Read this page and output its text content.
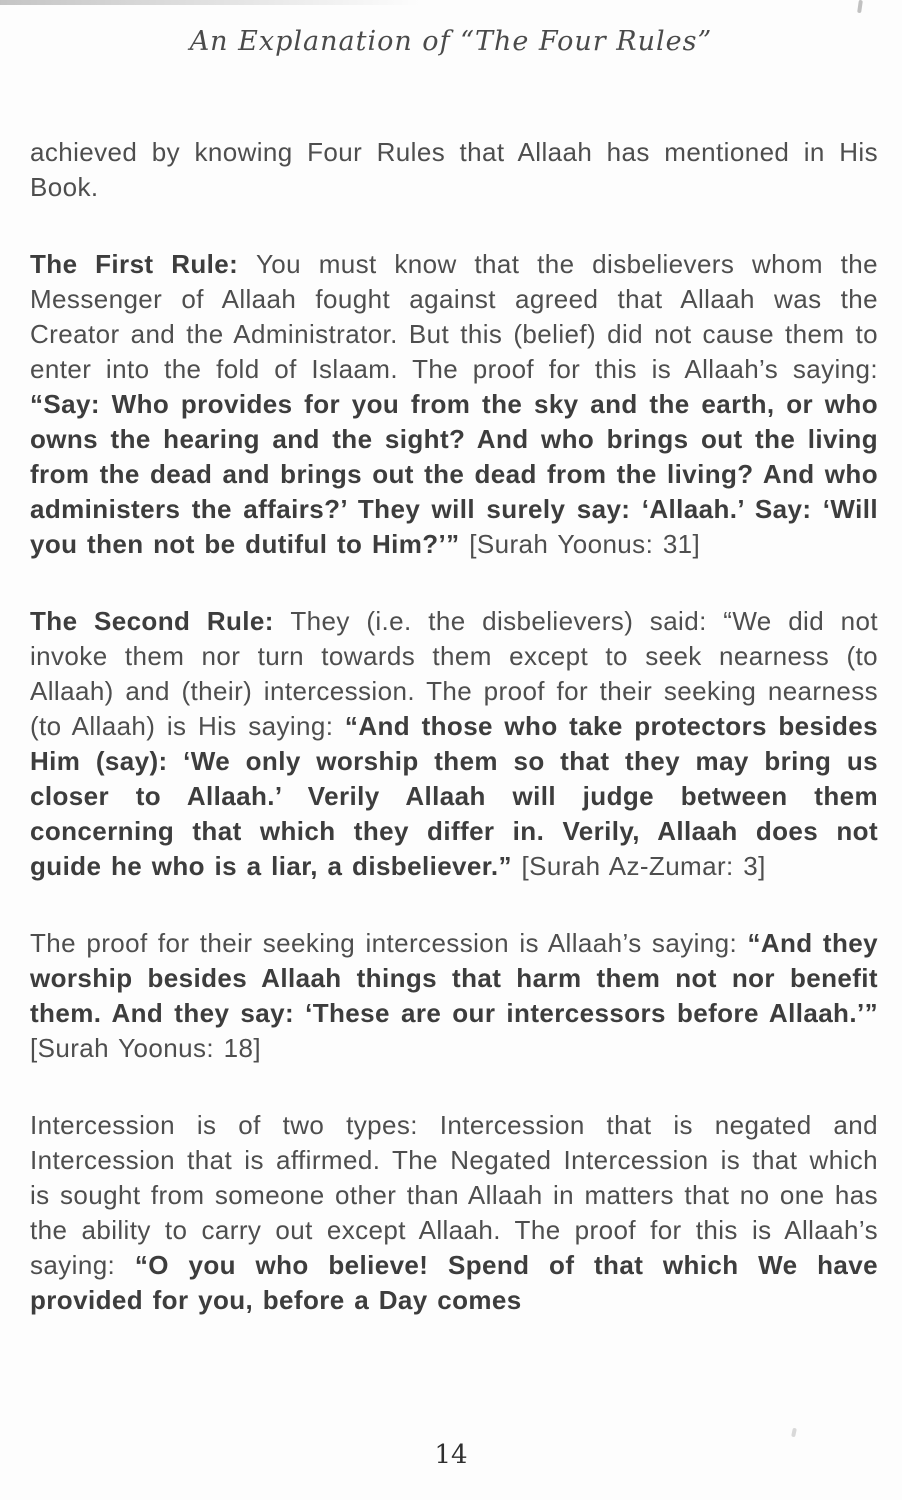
An Explanation of “The Four Rules”

achieved by knowing Four Rules that Allaah has mentioned in His Book.

The First Rule: You must know that the disbelievers whom the Messenger of Allaah fought against agreed that Allaah was the Creator and the Administrator. But this (belief) did not cause them to enter into the fold of Islaam. The proof for this is Allaah’s saying: “Say: Who provides for you from the sky and the earth, or who owns the hearing and the sight? And who brings out the living from the dead and brings out the dead from the living? And who administers the affairs?’ They will surely say: ‘Allaah.’ Say: ‘Will you then not be dutiful to Him?’” [Surah Yoonus: 31]

The Second Rule: They (i.e. the disbelievers) said: “We did not invoke them nor turn towards them except to seek nearness (to Allaah) and (their) intercession. The proof for their seeking nearness (to Allaah) is His saying: “And those who take protectors besides Him (say): ‘We only worship them so that they may bring us closer to Allaah.’ Verily Allaah will judge between them concerning that which they differ in. Verily, Allaah does not guide he who is a liar, a disbeliever.” [Surah Az-Zumar: 3]

The proof for their seeking intercession is Allaah’s saying: “And they worship besides Allaah things that harm them not nor benefit them. And they say: ‘These are our intercessors before Allaah.’” [Surah Yoonus: 18]

Intercession is of two types: Intercession that is negated and Intercession that is affirmed. The Negated Intercession is that which is sought from someone other than Allaah in matters that no one has the ability to carry out except Allaah. The proof for this is Allaah’s saying: “O you who believe! Spend of that which We have provided for you, before a Day comes

14
